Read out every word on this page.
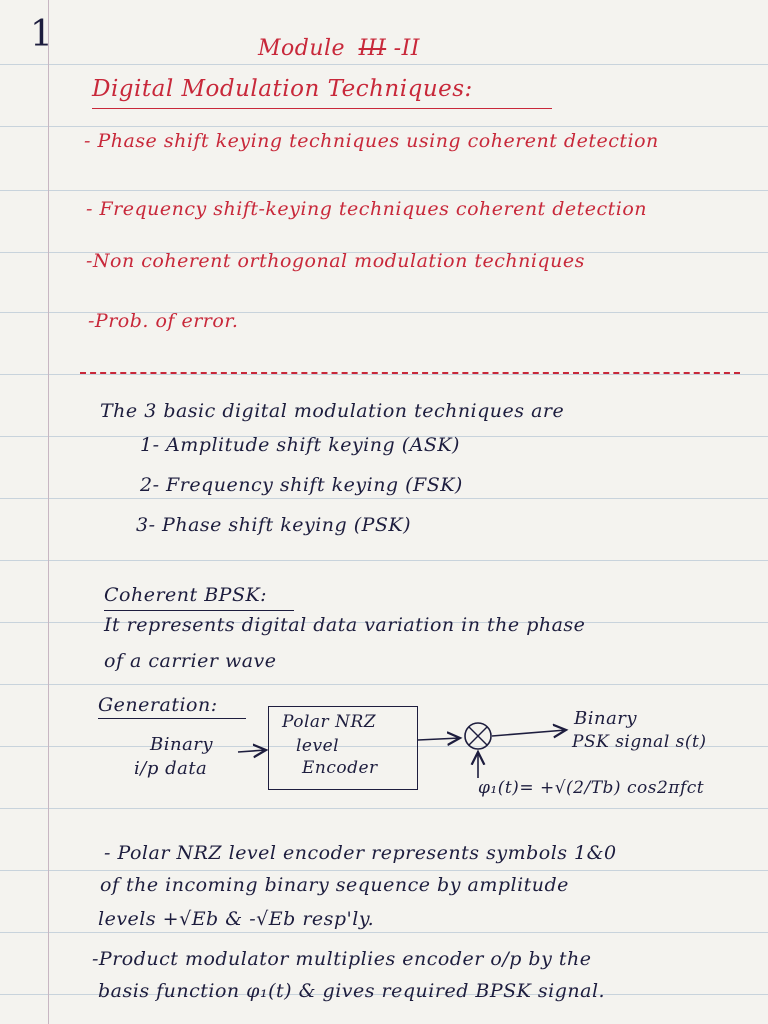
1	Module III -II
Digital Modulation Techniques:
- Phase shift keying techniques using coherent detection
- Frequency shift-keying techniques coherent detection
-Non coherent orthogonal modulation techniques
-Prob. of error.
The 3 basic digital modulation techniques are
1- Amplitude shift keying (ASK)
2- Frequency shift keying (FSK)
3- Phase shift keying (PSK)
Coherent BPSK:
It represents digital data variation in the phase
of a carrier wave
Generation:
Binary
i/p data
Polar NRZ
level
Encoder
Binary
PSK signal s(t)
φ₁(t)= +√(2/Tb) cos2πfct
- Polar NRZ level encoder represents symbols 1&0
of the incoming binary sequence by amplitude
levels +√Eb & -√Eb resp'ly.
-Product modulator multiplies encoder o/p by the
basis function φ₁(t) & gives required BPSK signal.
